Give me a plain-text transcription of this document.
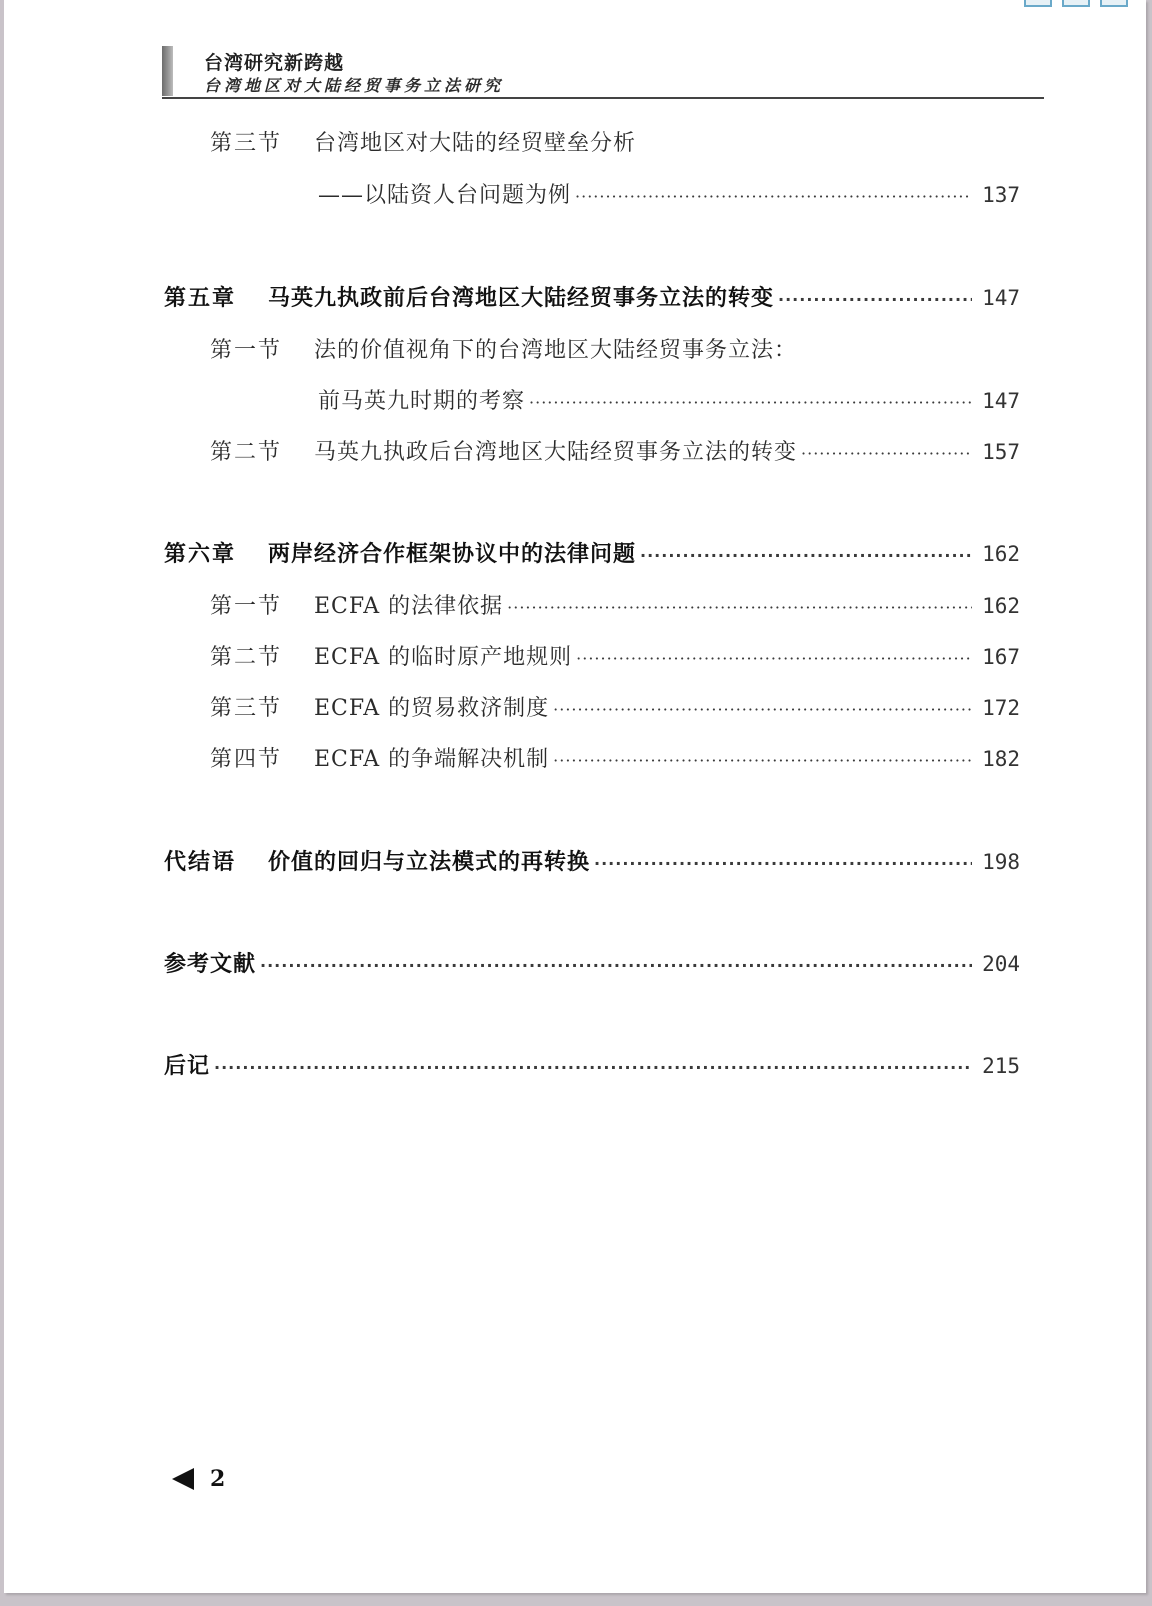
台湾研究新跨越
台湾地区对大陆经贸事务立法研究
第三节	台湾地区对大陆的经贸壁垒分析
——以陆资人台问题为例 ·····	137
第五章	马英九执政前后台湾地区大陆经贸事务立法的转变 ·····	147
第一节	法的价值视角下的台湾地区大陆经贸事务立法：
前马英九时期的考察 ·····	147
第二节	马英九执政后台湾地区大陆经贸事务立法的转变 ·····	157
第六章	两岸经济合作框架协议中的法律问题 ·····	162
第一节	ECFA 的法律依据 ·····	162
第二节	ECFA 的临时原产地规则 ·····	167
第三节	ECFA 的贸易救济制度 ·····	172
第四节	ECFA 的争端解决机制 ·····	182
代结语	价值的回归与立法模式的再转换 ·····	198
参考文献 ·····	204
后记 ·····	215
2
